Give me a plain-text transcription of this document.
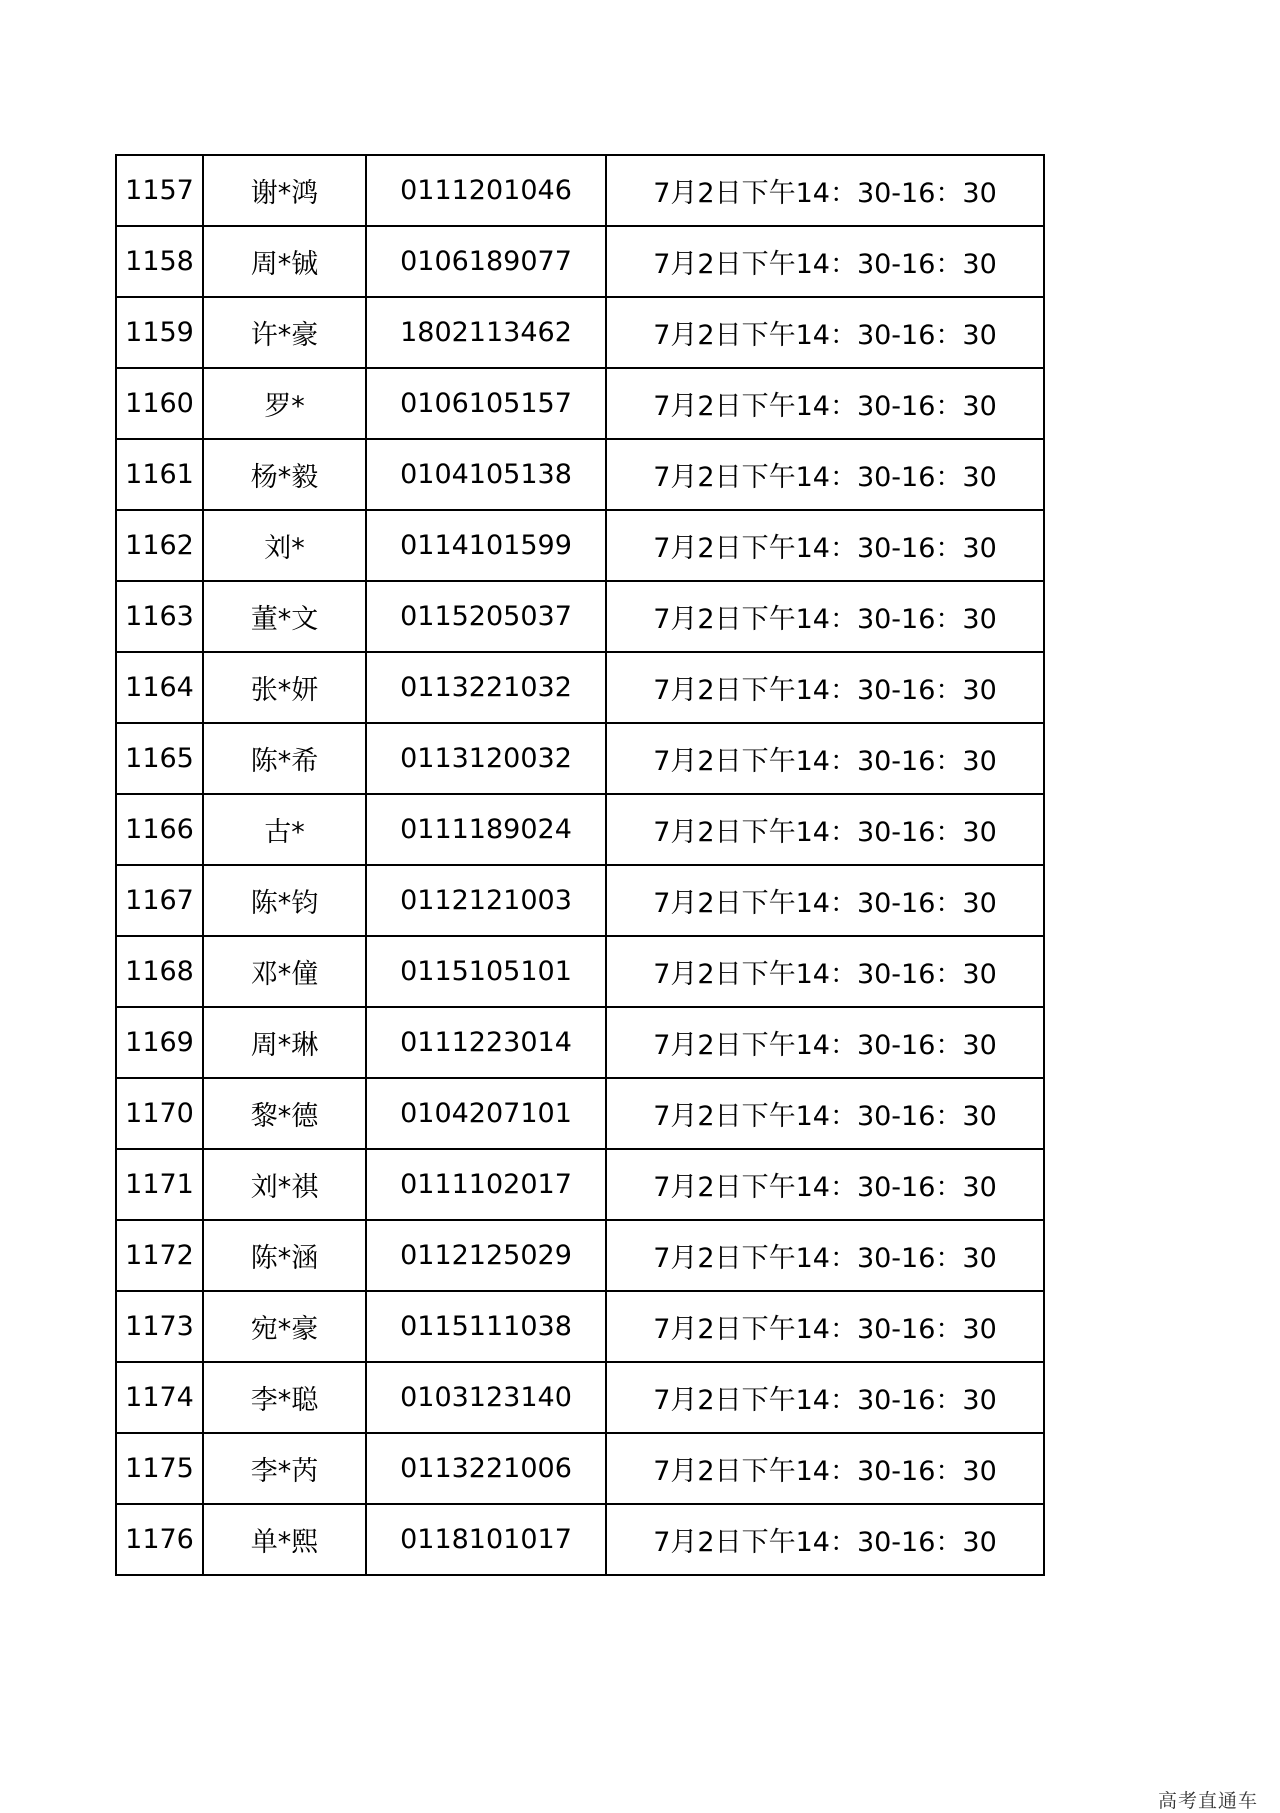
1157	谢*鸿	0111201046	7月2日下午14：30-16：30
1158	周*铖	0106189077	7月2日下午14：30-16：30
1159	许*豪	1802113462	7月2日下午14：30-16：30
1160	罗*	0106105157	7月2日下午14：30-16：30
1161	杨*毅	0104105138	7月2日下午14：30-16：30
1162	刘*	0114101599	7月2日下午14：30-16：30
1163	董*文	0115205037	7月2日下午14：30-16：30
1164	张*妍	0113221032	7月2日下午14：30-16：30
1165	陈*希	0113120032	7月2日下午14：30-16：30
1166	古*	0111189024	7月2日下午14：30-16：30
1167	陈*钧	0112121003	7月2日下午14：30-16：30
1168	邓*僮	0115105101	7月2日下午14：30-16：30
1169	周*琳	0111223014	7月2日下午14：30-16：30
1170	黎*德	0104207101	7月2日下午14：30-16：30
1171	刘*祺	0111102017	7月2日下午14：30-16：30
1172	陈*涵	0112125029	7月2日下午14：30-16：30
1173	宛*豪	0115111038	7月2日下午14：30-16：30
1174	李*聪	0103123140	7月2日下午14：30-16：30
1175	李*芮	0113221006	7月2日下午14：30-16：30
1176	单*熙	0118101017	7月2日下午14：30-16：30
高考直通车
